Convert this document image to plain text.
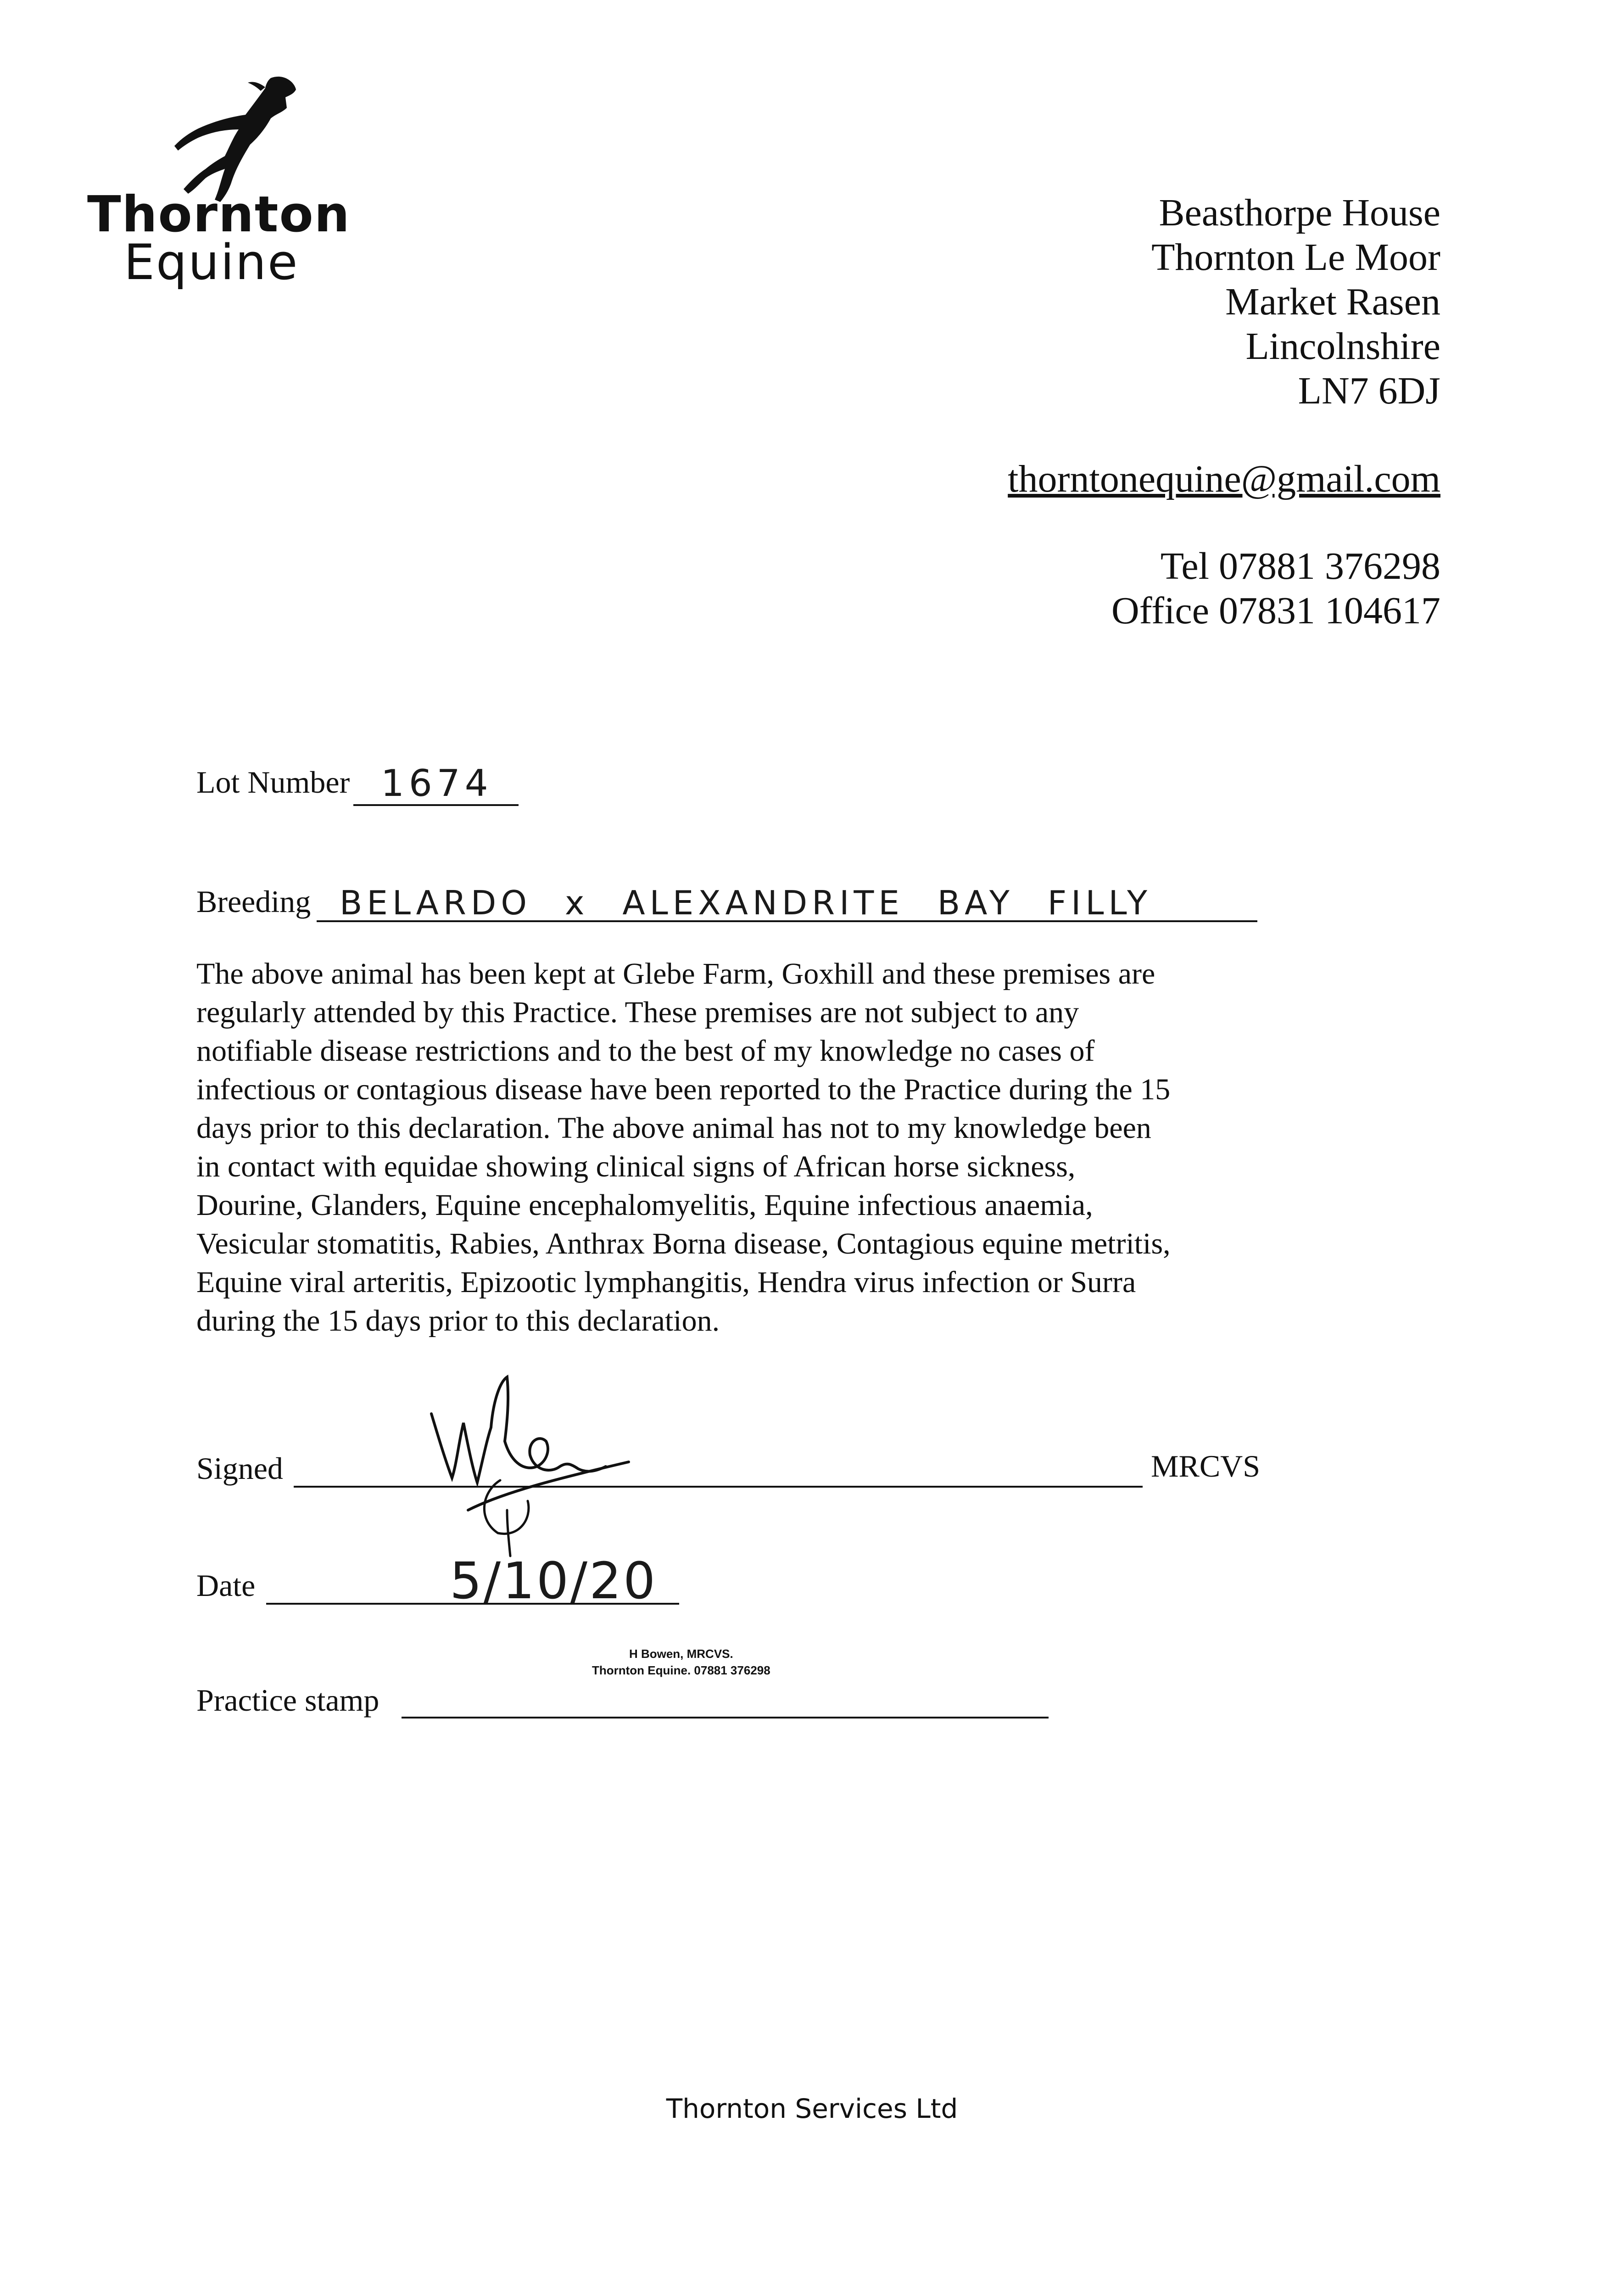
Thornton
Equine
Beasthorpe House
Thornton Le Moor
Market Rasen
Lincolnshire
LN7 6DJ
thorntonequine@gmail.com
Tel 07881 376298
Office 07831 104617
Lot Number 1674
Breeding BELARDO x ALEXANDRITE BAY FILLY
The above animal has been kept at Glebe Farm, Goxhill and these premises are regularly attended by this Practice. These premises are not subject to any notifiable disease restrictions and to the best of my knowledge no cases of infectious or contagious disease have been reported to the Practice during the 15 days prior to this declaration. The above animal has not to my knowledge been in contact with equidae showing clinical signs of African horse sickness, Dourine, Glanders, Equine encephalomyelitis, Equine infectious anaemia, Vesicular stomatitis, Rabies, Anthrax Borna disease, Contagious equine metritis, Equine viral arteritis, Epizootic lymphangitis, Hendra virus infection or Surra during the 15 days prior to this declaration.
Signed	MRCVS
Date	5/10/20
Practice stamp
H Bowen, MRCVS.
Thornton Equine. 07881 376298
Thornton Services Ltd
